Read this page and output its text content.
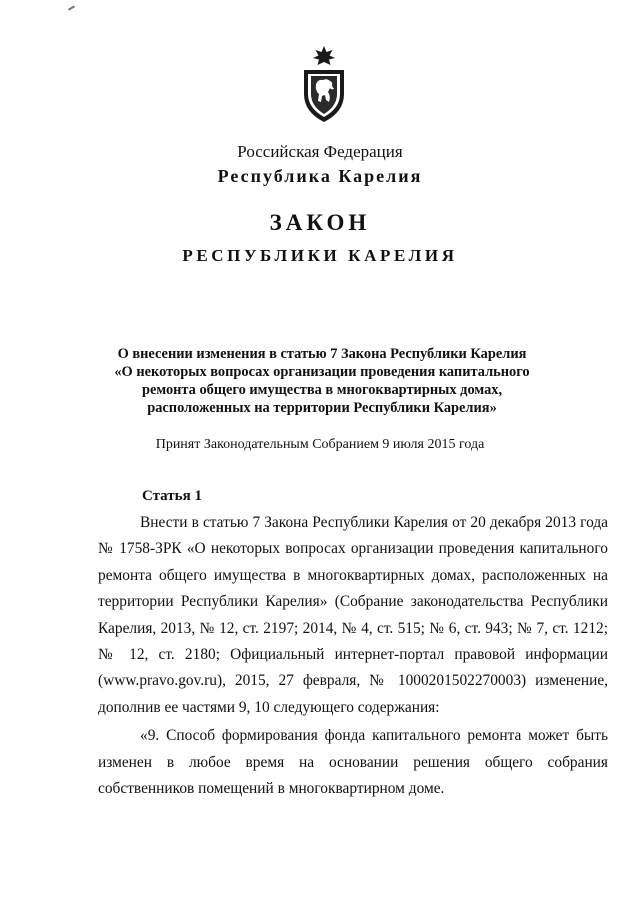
Российская Федерация
Республика Карелия
ЗАКОН
РЕСПУБЛИКИ КАРЕЛИЯ
О внесении изменения в статью 7 Закона Республики Карелия
«О некоторых вопросах организации проведения капитального
ремонта общего имущества в многоквартирных домах,
расположенных на территории Республики Карелия»
Принят Законодательным Собранием 9 июля 2015 года
Статья 1

Внести в статью 7 Закона Республики Карелия от 20 декабря 2013 года № 1758-ЗРК «О некоторых вопросах организации проведения капитального ремонта общего имущества в многоквартирных домах, расположенных на территории Республики Карелия» (Собрание законодательства Республики Карелия, 2013, № 12, ст. 2197; 2014, № 4, ст. 515; № 6, ст. 943; № 7, ст. 1212; № 12, ст. 2180; Официальный интернет-портал правовой информации (www.pravo.gov.ru), 2015, 27 февраля, № 1000201502270003) изменение, дополнив ее частями 9, 10 следующего содержания:

«9. Способ формирования фонда капитального ремонта может быть изменен в любое время на основании решения общего собрания собственников помещений в многоквартирном доме.
